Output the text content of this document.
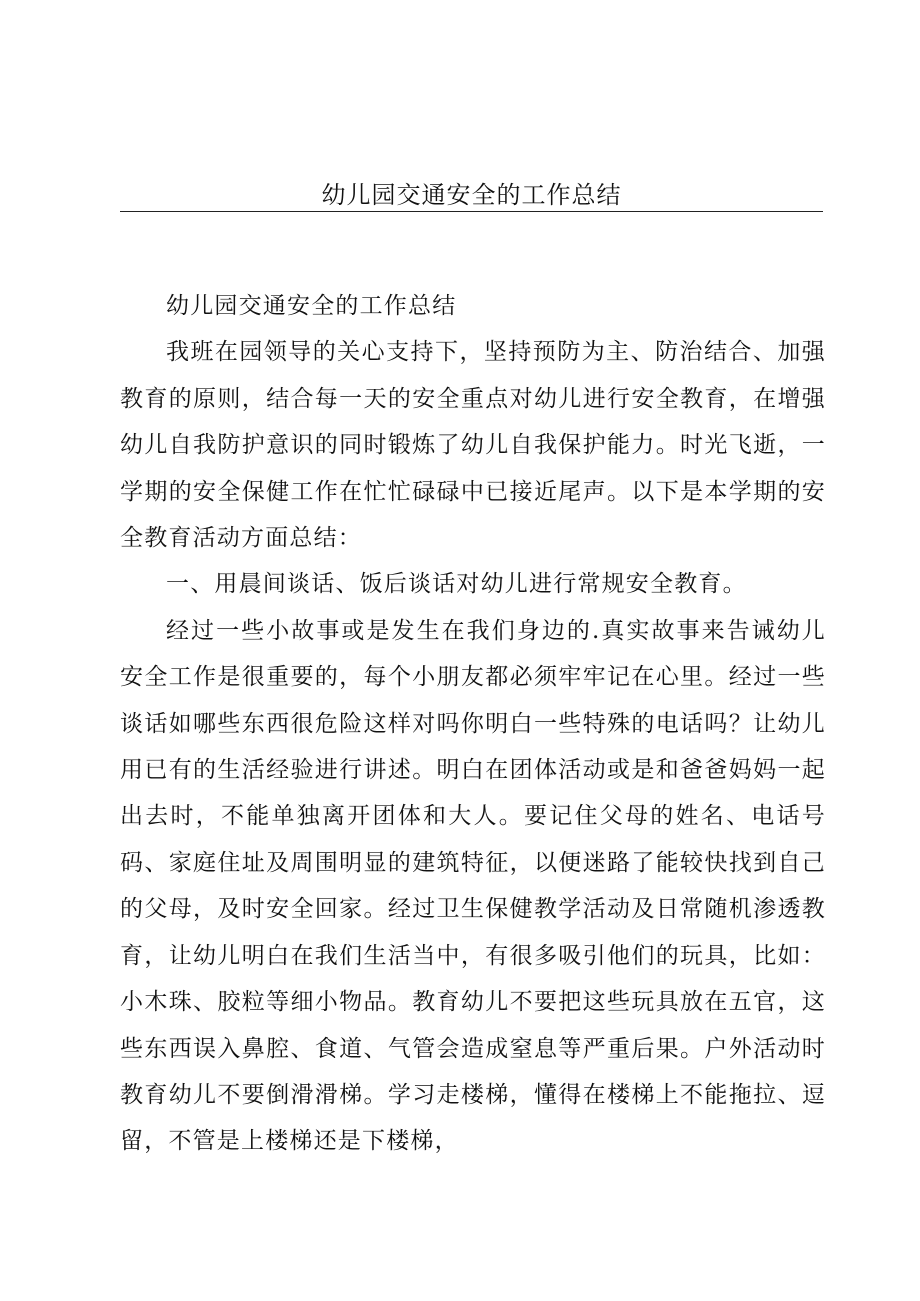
幼儿园交通安全的工作总结

幼儿园交通安全的工作总结

我班在园领导的关心支持下，坚持预防为主、防治结合、加强教育的原则，结合每一天的安全重点对幼儿进行安全教育，在增强幼儿自我防护意识的同时锻炼了幼儿自我保护能力。时光飞逝，一学期的安全保健工作在忙忙碌碌中已接近尾声。以下是本学期的安全教育活动方面总结：

一、用晨间谈话、饭后谈话对幼儿进行常规安全教育。

经过一些小故事或是发生在我们身边的.真实故事来告诫幼儿安全工作是很重要的，每个小朋友都必须牢牢记在心里。经过一些谈话如哪些东西很危险这样对吗你明白一些特殊的电话吗？让幼儿用已有的生活经验进行讲述。明白在团体活动或是和爸爸妈妈一起出去时，不能单独离开团体和大人。要记住父母的姓名、电话号码、家庭住址及周围明显的建筑特征，以便迷路了能较快找到自己的父母，及时安全回家。经过卫生保健教学活动及日常随机渗透教育，让幼儿明白在我们生活当中，有很多吸引他们的玩具，比如：小木珠、胶粒等细小物品。教育幼儿不要把这些玩具放在五官，这些东西误入鼻腔、食道、气管会造成窒息等严重后果。户外活动时教育幼儿不要倒滑滑梯。学习走楼梯，懂得在楼梯上不能拖拉、逗留，不管是上楼梯还是下楼梯，
